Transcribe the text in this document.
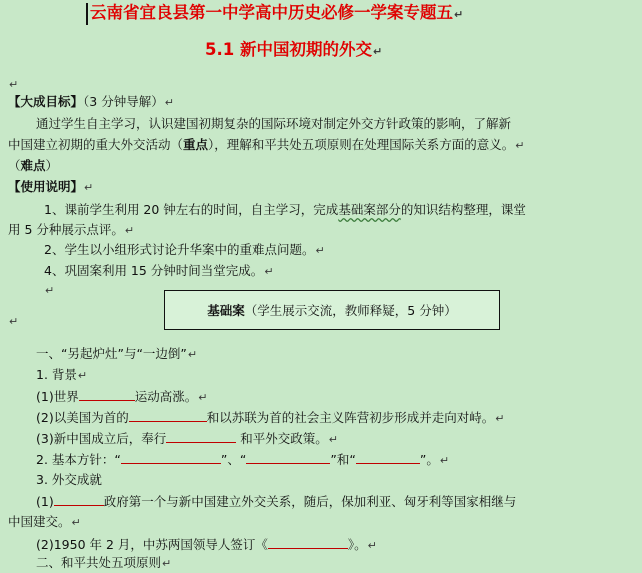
云南省宜良县第一中学高中历史必修一学案专题五↵
5.1 新中国初期的外交↵
↵
【大成目标】（3 分钟导解）↵
通过学生自主学习，认识建国初期复杂的国际环境对制定外交方针政策的影响，了解新
中国建立初期的重大外交活动（重点），理解和平共处五项原则在处理国际关系方面的意义。↵
（难点）
【使用说明】↵
1、课前学生利用 20 钟左右的时间，自主学习，完成基础案部分的知识结构整理，课堂
用 5 分种展示点评。↵
2、学生以小组形式讨论升华案中的重难点问题。↵
4、巩固案利用 15 分钟时间当堂完成。↵
↵
基础案 （学生展示交流，教师释疑，5 分钟）
↵
一、“另起炉灶”与“一边倒”↵
1. 背景↵
(1)世界	运动高涨。↵
(2)以美国为首的	和以苏联为首的社会主义阵营初步形成并走向对峙。↵
(3)新中国成立后，奉行	和平外交政策。↵
2. 基本方针：“	”、“	”和“	”。↵
3. 外交成就
(1)	政府第一个与新中国建立外交关系，随后，保加利亚、匈牙利等国家相继与
中国建交。↵
(2)1950 年 2 月，中苏两国领导人签订《	》。↵
二、和平共处五项原则↵
